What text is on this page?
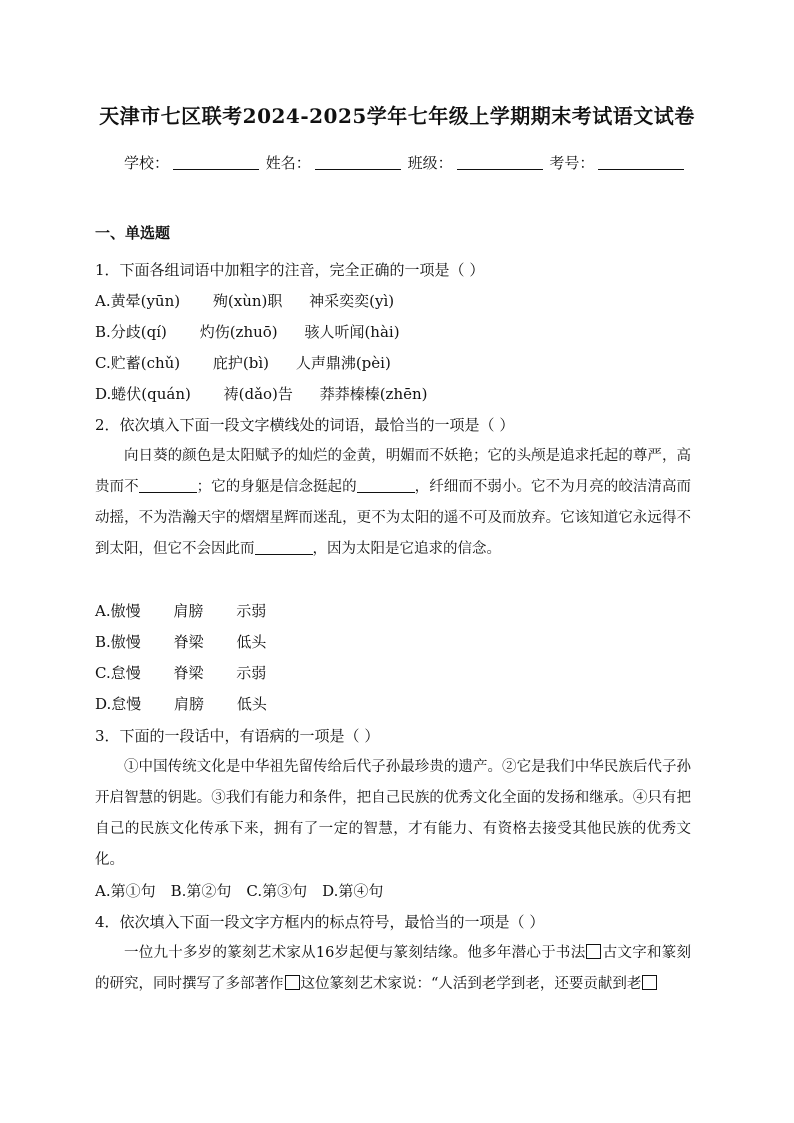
天津市七区联考2024-2025学年七年级上学期期末考试语文试卷
学校：	姓名：	班级：	考号：
一、单选题
1．下面各组词语中加粗字的注音，完全正确的一项是（ ）
A.黄晕(yūn) 殉(xùn)职 神采奕奕(yì)
B.分歧(qí) 灼伤(zhuō) 骇人听闻(hài)
C.贮蓄(chǔ) 庇护(bì) 人声鼎沸(pèi)
D.蜷伏(quán) 祷(dǎo)告 莽莽榛榛(zhēn)
2．依次填入下面一段文字横线处的词语，最恰当的一项是（ ）
向日葵的颜色是太阳赋予的灿烂的金黄，明媚而不妖艳；它的头颅是追求托起的尊严，高贵而不	；它的身躯是信念挺起的	，纤细而不弱小。它不为月亮的皎洁清高而动摇，不为浩瀚天宇的熠熠星辉而迷乱，更不为太阳的遥不可及而放弃。它该知道它永远得不到太阳，但它不会因此而	，因为太阳是它追求的信念。
A.傲慢 肩膀 示弱
B.傲慢 脊梁 低头
C.怠慢 脊梁 示弱
D.怠慢 肩膀 低头
3．下面的一段话中，有语病的一项是（ ）
①中国传统文化是中华祖先留传给后代子孙最珍贵的遗产。②它是我们中华民族后代子孙开启智慧的钥匙。③我们有能力和条件，把自己民族的优秀文化全面的发扬和继承。④只有把自己的民族文化传承下来，拥有了一定的智慧，才有能力、有资格去接受其他民族的优秀文化。
A.第①句　B.第②句　C.第③句　D.第④句
4．依次填入下面一段文字方框内的标点符号，最恰当的一项是（ ）
一位九十多岁的篆刻艺术家从16岁起便与篆刻结缘。他多年潜心于书法 古文字和篆刻的研究，同时撰写了多部著作 这位篆刻艺术家说：“人活到老学到老，还要贡献到老
